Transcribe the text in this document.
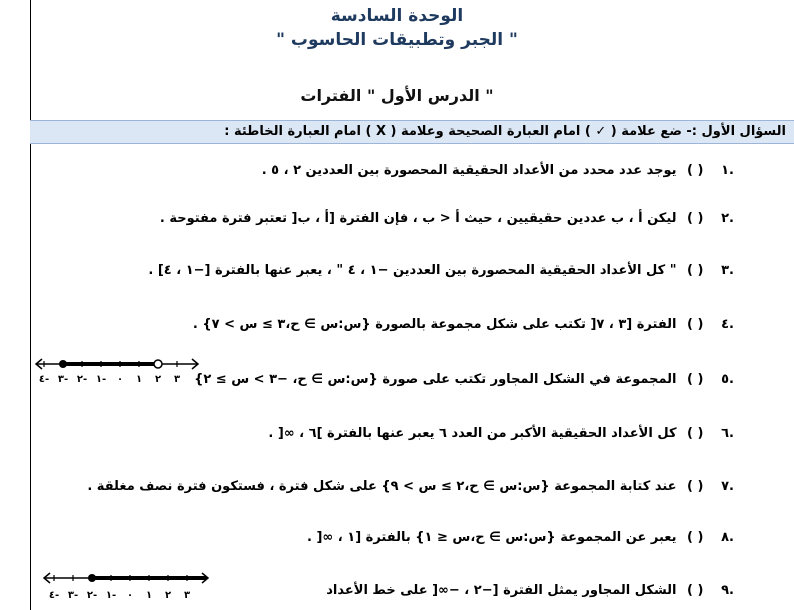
الوحدة السادسة
" الجبر وتطبيقات الحاسوب "
الدرس الأول " الفترات "
السؤال الأول :- ضع علامة ( ✓ ) امام العبارة الصحيحة وعلامة ( X ) امام العبارة الخاطئة :
.١ ( ) يوجد عدد محدد من الأعداد الحقيقية المحصورة بين العددين ٢ ، ٥ .
.٢ ( ) ليكن أ ، ب عددين حقيقيين ، حيث أ < ب ، فإن الفترة [أ ، ب[ تعتبر فترة مفتوحة .
.٣ ( ) " كل الأعداد الحقيقية المحصورة بين العددين −١ ، ٤ " ، يعبر عنها بالفترة [−١ ، ٤] .
.٤ ( ) الفترة [٣ ، ٧[ تكتب على شكل مجموعة بالصورة {س:س ∋ ح،٣ ≥ س > ٧} .
.٥ ( ) المجموعة في الشكل المجاور تكتب على صورة {س:س ∋ ح، −٣ > س ≥ ٢}
.٦ ( ) كل الأعداد الحقيقية الأكبر من العدد ٦ يعبر عنها بالفترة ]٦ ، ∞[ .
.٧ ( ) عند كتابة المجموعة {س:س ∋ ح،٢ ≥ س > ٩} على شكل فترة ، فستكون فترة نصف مغلقة .
.٨ ( ) يعبر عن المجموعة {س:س ∋ ح،س ≤ ١} بالفترة [١ ، ∞[ .
.٩ ( ) الشكل المجاور يمثل الفترة [−٢ ، −∞[ على خط الأعداد
٤- ٣- ٢- ١- ٠ ١ ٢ ٣
٤- ٣- ٢- ١- ٠ ١ ٢ ٣
